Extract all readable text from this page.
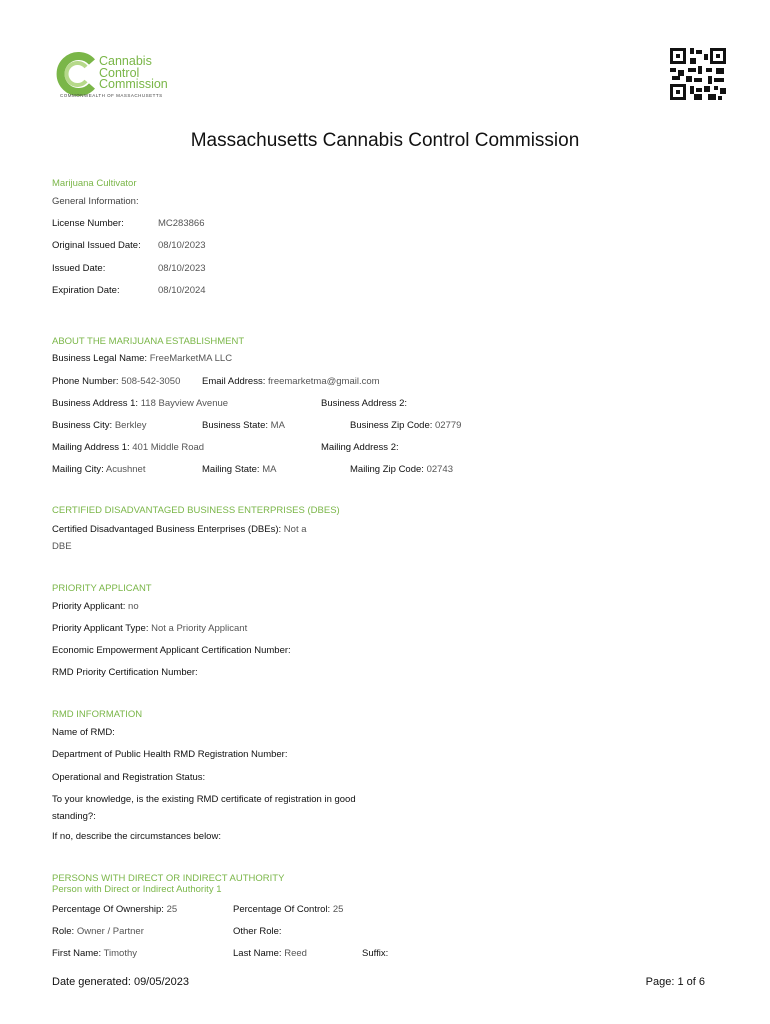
Cannabis
Control
Commission
COMMONWEALTH OF MASSACHUSETTS
Massachusetts Cannabis Control Commission
Marijuana Cultivator
General Information:
License Number:	MC283866
Original Issued Date: 08/10/2023
Issued Date:	08/10/2023
Expiration Date:	08/10/2024
ABOUT THE MARIJUANA ESTABLISHMENT
Business Legal Name: FreeMarketMA LLC
Phone Number: 508-542-3050 Email Address: freemarketma@gmail.com
Business Address 1: 118 Bayview Avenue	Business Address 2:
Business City: Berkley	Business State: MA	Business Zip Code: 02779
Mailing Address 1: 401 Middle Road	Mailing Address 2:
Mailing City: Acushnet	Mailing State: MA	Mailing Zip Code: 02743
CERTIFIED DISADVANTAGED BUSINESS ENTERPRISES (DBES)
Certified Disadvantaged Business Enterprises (DBEs): Not a
DBE
PRIORITY APPLICANT
Priority Applicant: no
Priority Applicant Type: Not a Priority Applicant
Economic Empowerment Applicant Certification Number:
RMD Priority Certification Number:
RMD INFORMATION
Name of RMD:
Department of Public Health RMD Registration Number:
Operational and Registration Status:
To your knowledge, is the existing RMD certificate of registration in good
standing?:
If no, describe the circumstances below:
PERSONS WITH DIRECT OR INDIRECT AUTHORITY
Person with Direct or Indirect Authority 1
Percentage Of Ownership: 25	Percentage Of Control: 25
Role: Owner / Partner	Other Role:
First Name: Timothy	Last Name: Reed	Suffix:
Date generated: 09/05/2023	Page: 1 of 6
